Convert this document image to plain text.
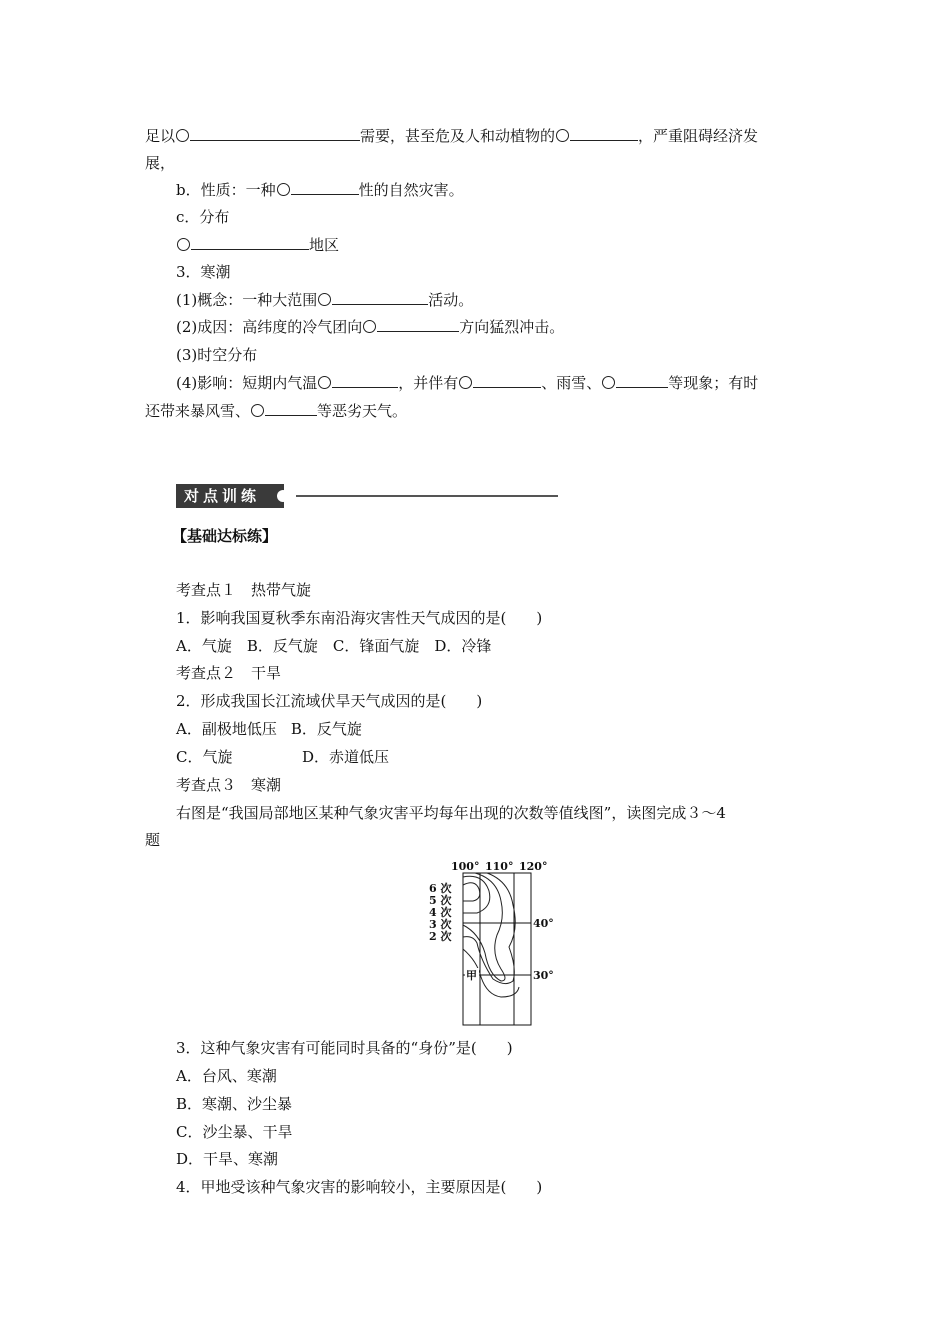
足以	需要，甚至危及人和动植物的	，严重阻碍经济发
展，
b．性质：一种	性的自然灾害。
c．分布
地区
3．寒潮
(1)概念：一种大范围	活动。
(2)成因：高纬度的冷气团向	方向猛烈冲击。
(3)时空分布
(4)影响：短期内气温	，并伴有	、雨雪、	等现象；有时
还带来暴风雪、	等恶劣天气。
对点训练
【基础达标练】
考查点１　热带气旋
1．影响我国夏秋季东南沿海灾害性天气成因的是(　　)
A．气旋　B．反气旋　C．锋面气旋　D．冷锋
考查点２　干旱
2．形成我国长江流域伏旱天气成因的是(　　)
A．副极地低压 B．反气旋
C．气旋	D．赤道低压
考查点３　寒潮
右图是“我国局部地区某种气象灾害平均每年出现的次数等值线图”，读图完成３～4
题
100° 110° 120°
40°
30°
6 次
5 次
4 次
3 次
2 次
甲
3．这种气象灾害有可能同时具备的“身份”是(　　)
A．台风、寒潮
B．寒潮、沙尘暴
C．沙尘暴、干旱
D．干旱、寒潮
4．甲地受该种气象灾害的影响较小，主要原因是(　　)
